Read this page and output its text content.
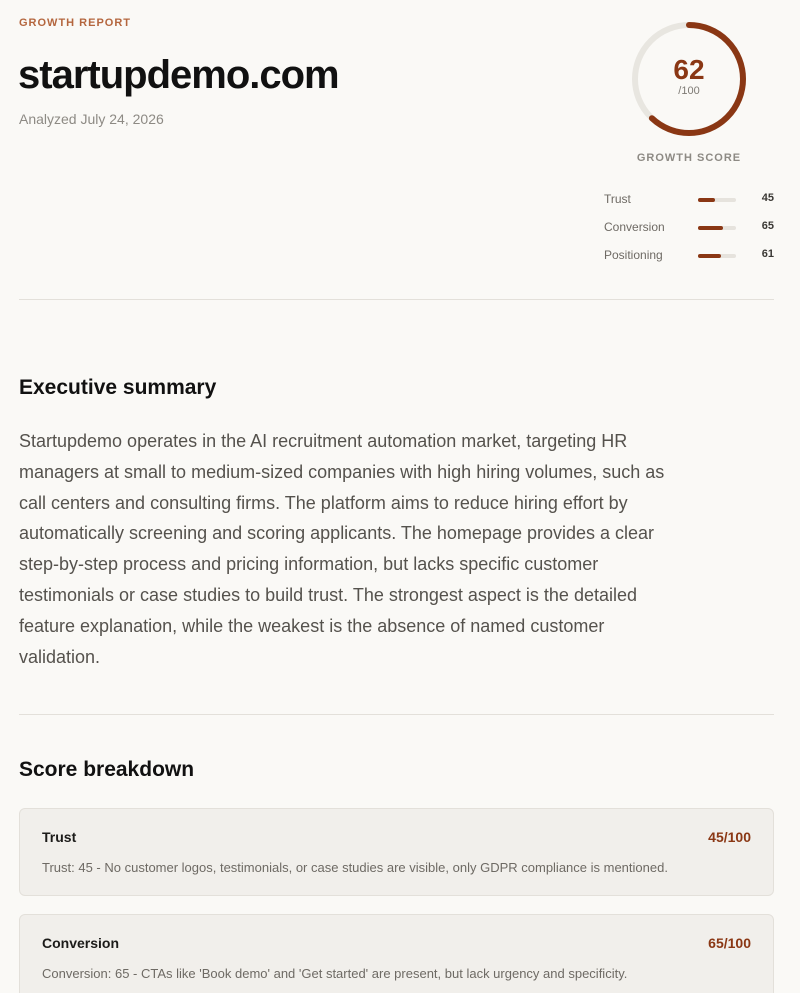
GROWTH REPORT
startupdemo.com
Analyzed July 24, 2026
62
/100
GROWTH SCORE
Trust	45
Conversion	65
Positioning	61
Executive summary

Startupdemo operates in the AI recruitment automation market, targeting HR managers at small to medium-sized companies with high hiring volumes, such as call centers and consulting firms. The platform aims to reduce hiring effort by automatically screening and scoring applicants. The homepage provides a clear step-by-step process and pricing information, but lacks specific customer testimonials or case studies to build trust. The strongest aspect is the detailed feature explanation, while the weakest is the absence of named customer validation.

Score breakdown
Trust	45/100
Trust: 45 - No customer logos, testimonials, or case studies are visible, only GDPR compliance is mentioned.
Conversion	65/100
Conversion: 65 - CTAs like 'Book demo' and 'Get started' are present, but lack urgency and specificity.
